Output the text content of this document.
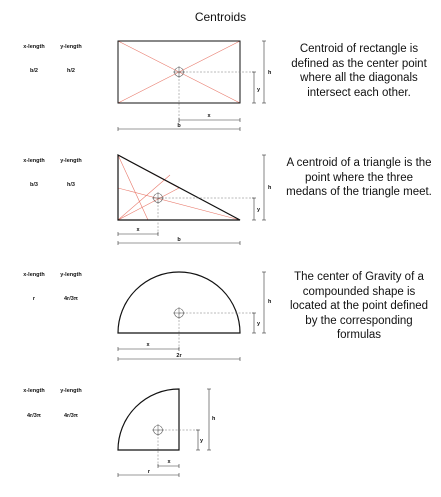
Centroids
x-length	y-length
b/2	h/2
Centroid of rectangle is defined as the center point where all the diagonals intersect each other.
x-length	y-length
b/3	h/3
A centroid of a triangle is the point where the three medans of the triangle meet.
x-length	y-length
r	4r/3π
The center of Gravity of a compounded shape is located at the point defined by the corresponding formulas
x-length	y-length
4r/3π	4r/3π
h
y
x
b
h
y
x
b
h
y
x
2r
h
y
x
r
